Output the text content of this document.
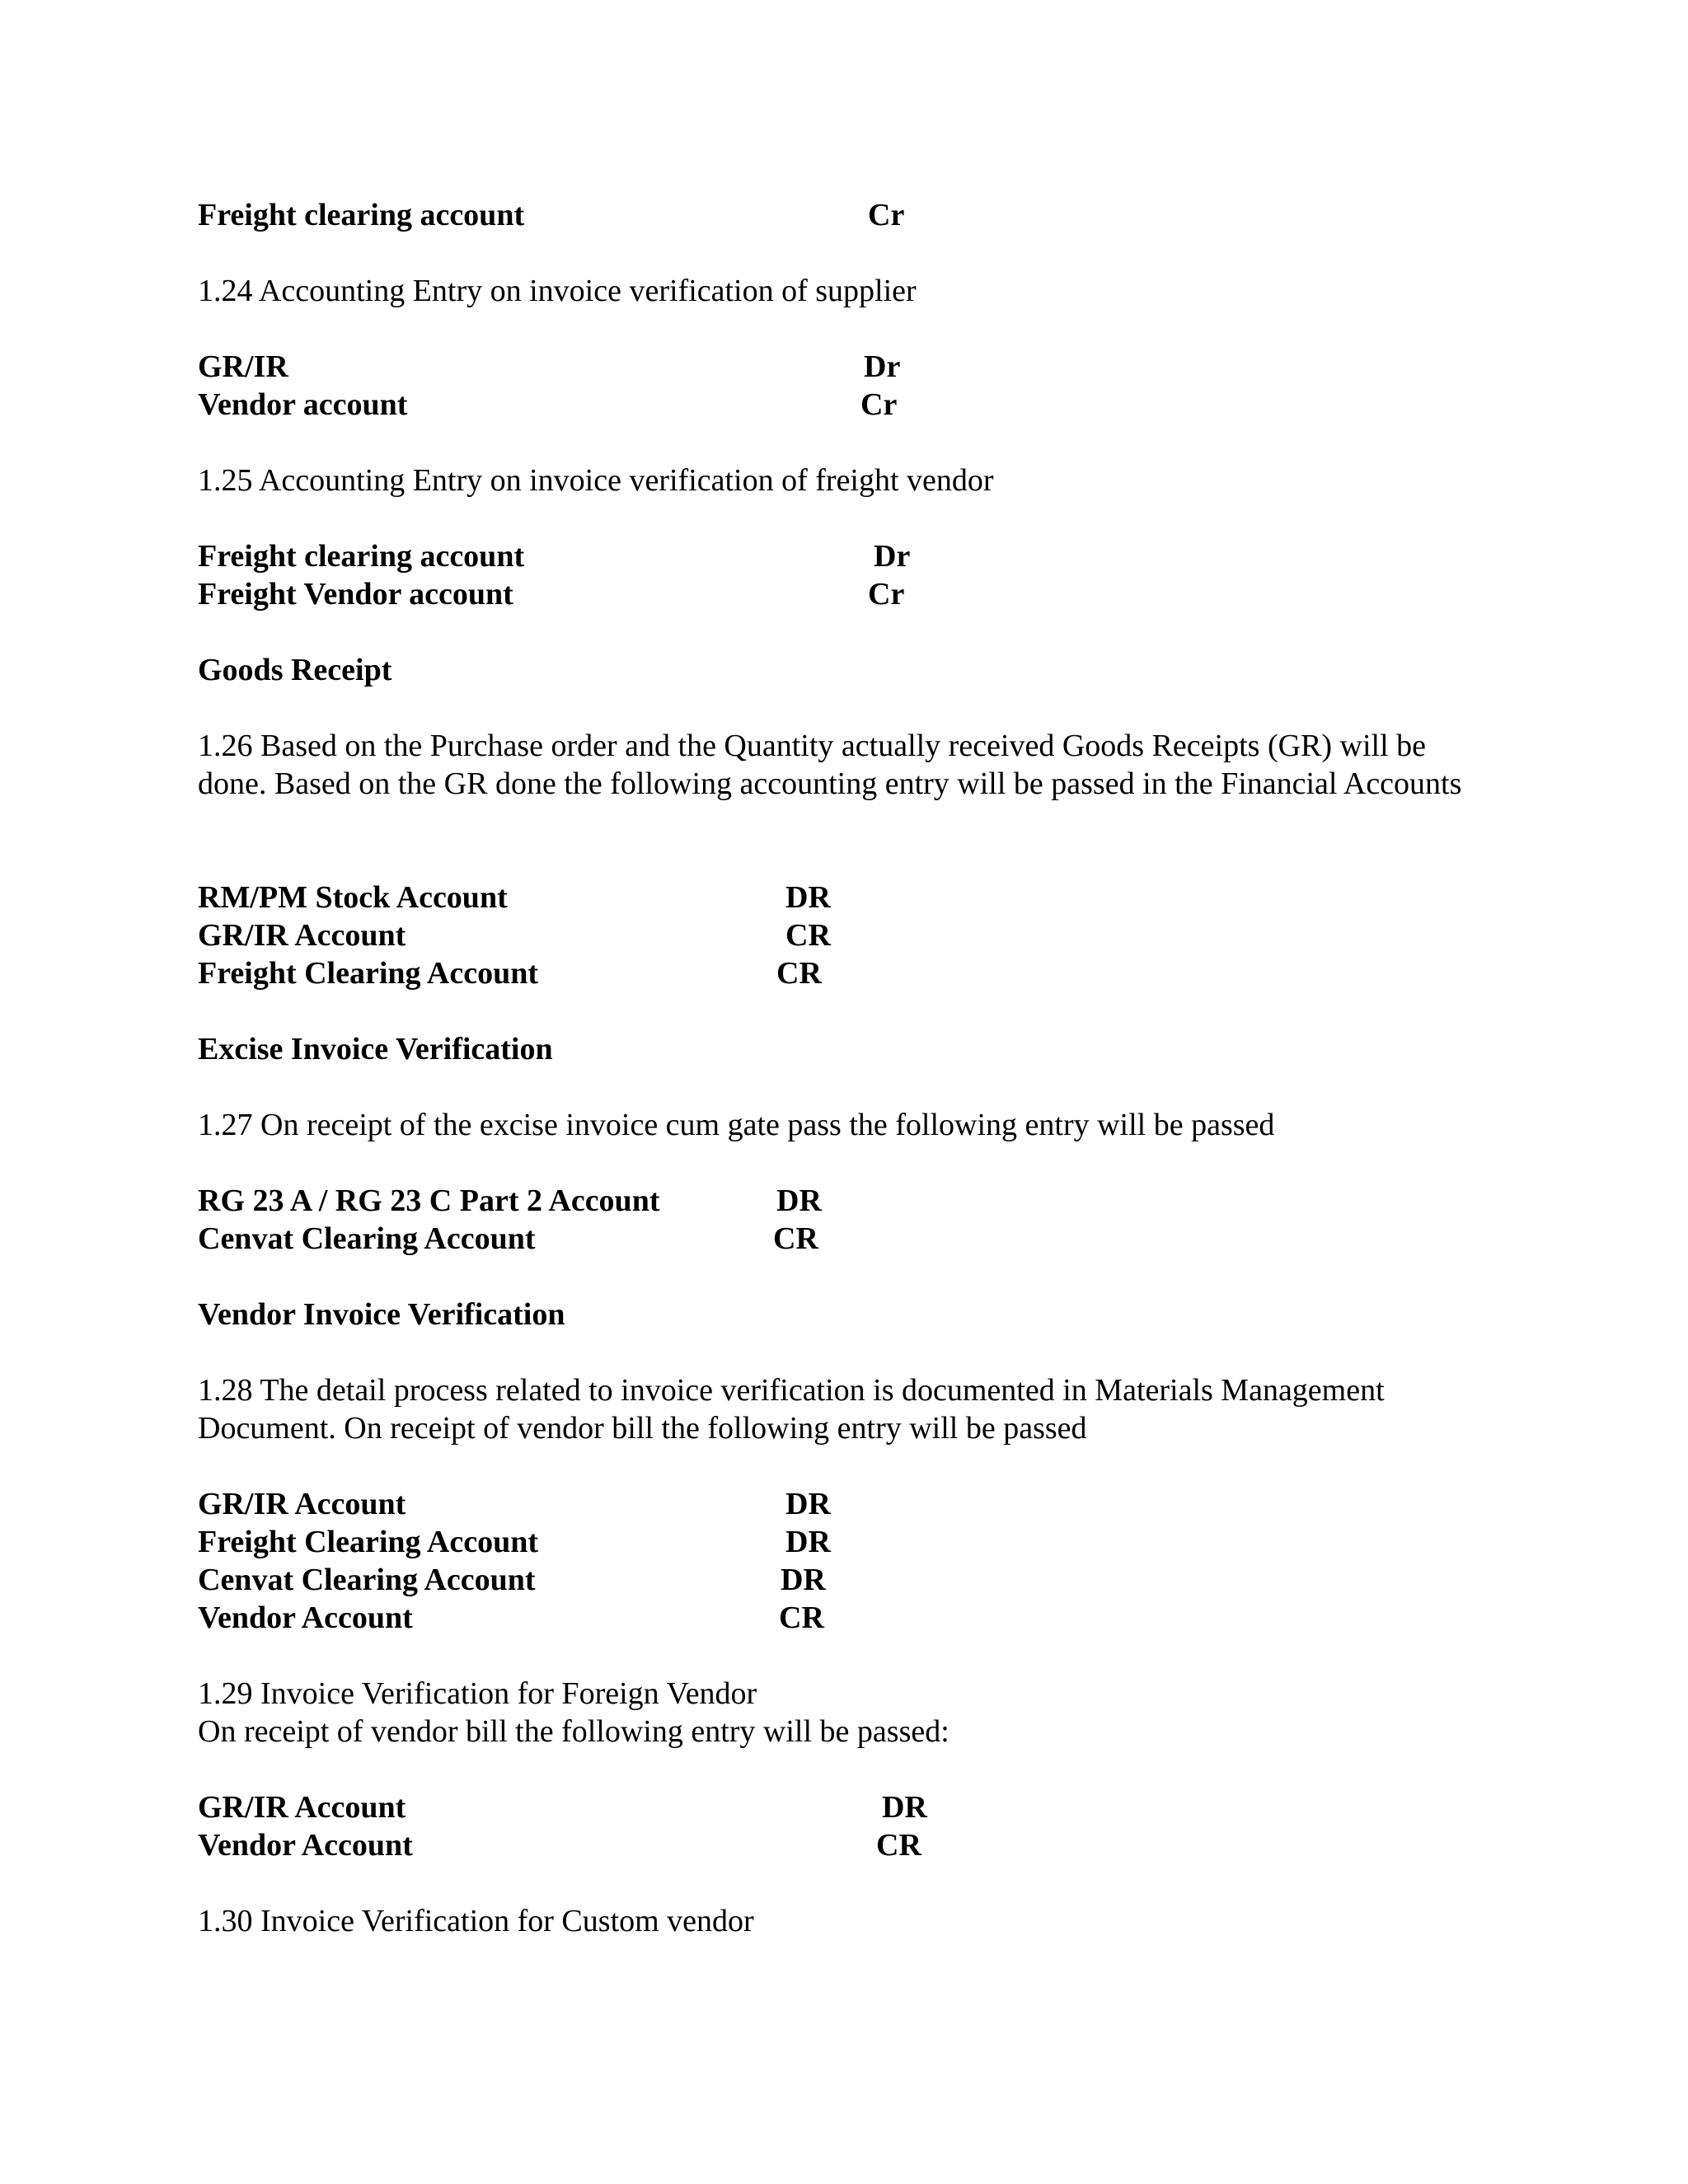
Freight clearing account	Cr
1.24 Accounting Entry on invoice verification of supplier
GR/IR	Dr
Vendor account	Cr
1.25 Accounting Entry on invoice verification of freight vendor
Freight clearing account	Dr
Freight Vendor account	Cr
Goods Receipt
1.26 Based on the Purchase order and the Quantity actually received Goods Receipts (GR) will be done. Based on the GR done the following accounting entry will be passed in the Financial Accounts
RM/PM Stock Account	DR
GR/IR Account	CR
Freight Clearing Account	CR
Excise Invoice Verification
1.27 On receipt of the excise invoice cum gate pass the following entry will be passed
RG 23 A / RG 23 C Part 2 Account	DR
Cenvat Clearing Account	CR
Vendor Invoice Verification
1.28 The detail process related to invoice verification is documented in Materials Management Document. On receipt of vendor bill the following entry will be passed
GR/IR Account	DR
Freight Clearing Account	DR
Cenvat Clearing Account	DR
Vendor Account	CR
1.29 Invoice Verification for Foreign Vendor
On receipt of vendor bill the following entry will be passed:
GR/IR Account	DR
Vendor Account	CR
1.30 Invoice Verification for Custom vendor
